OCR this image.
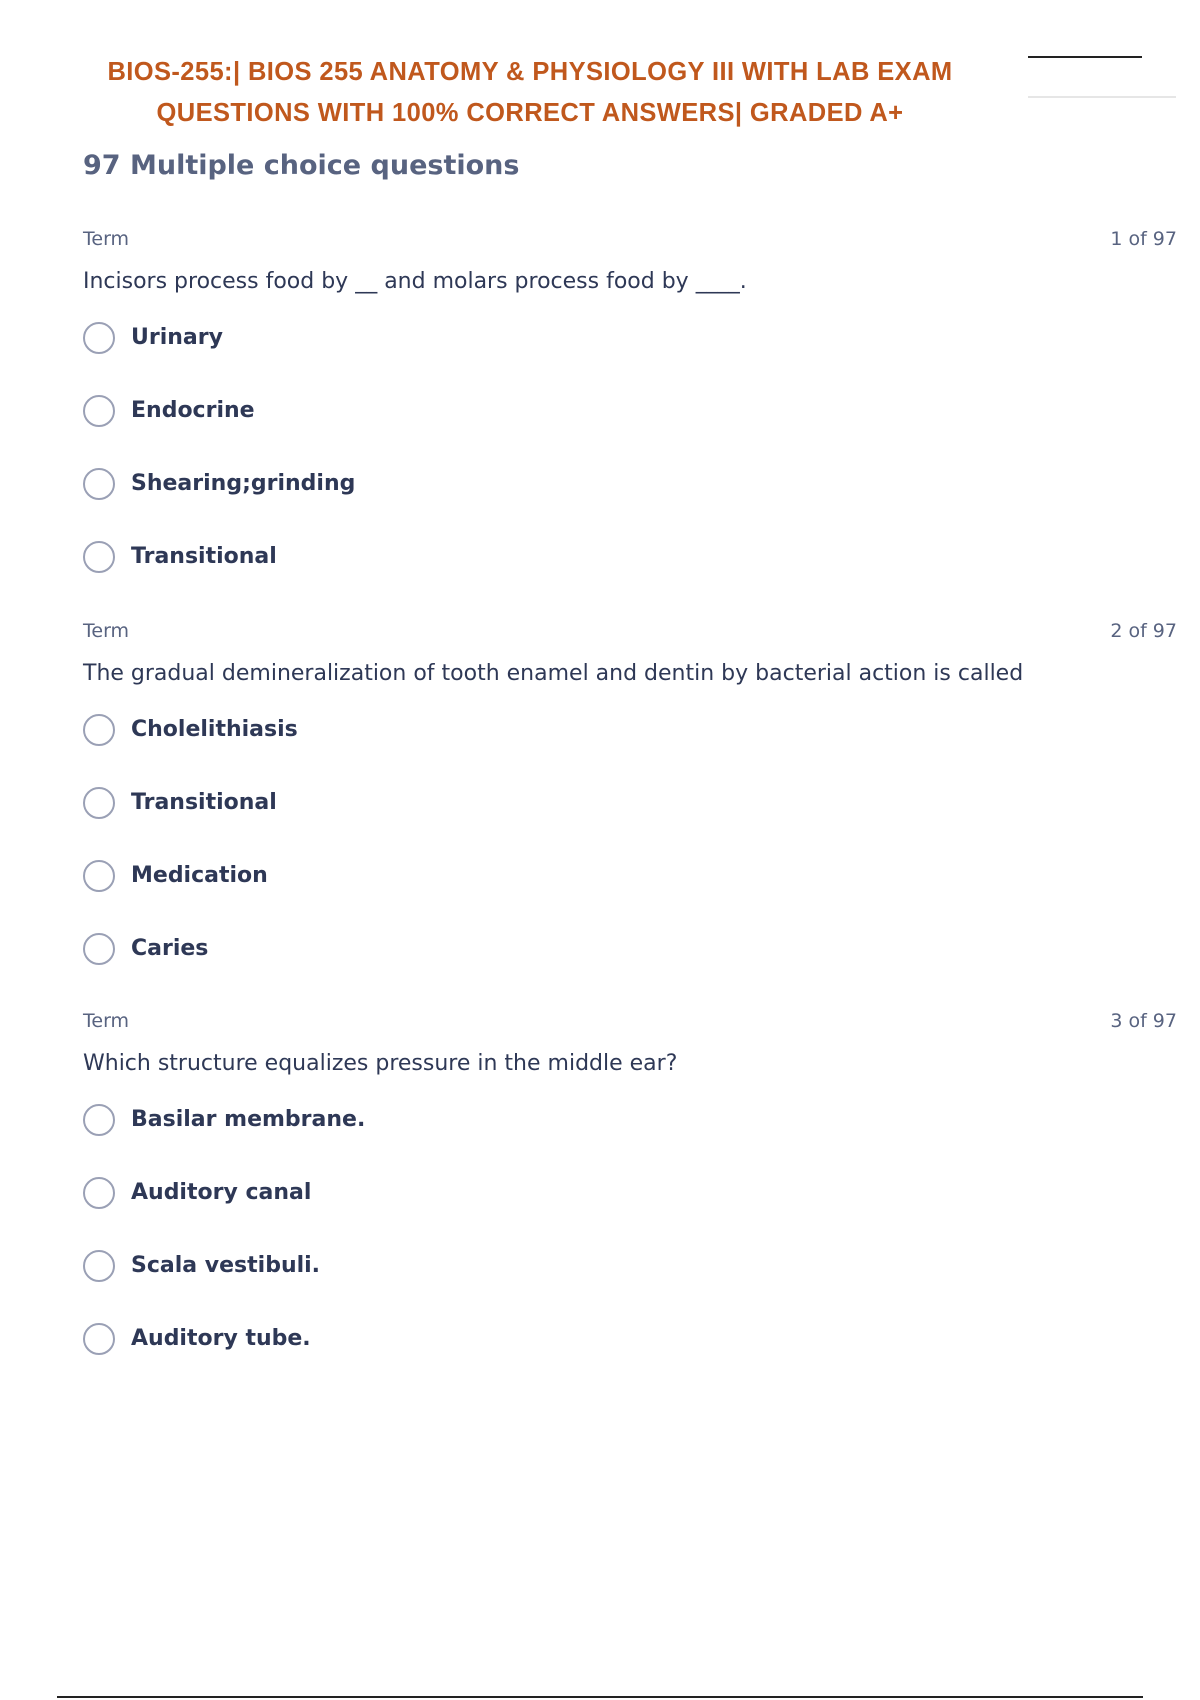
BIOS-255:| BIOS 255 ANATOMY & PHYSIOLOGY III WITH LAB EXAM
QUESTIONS WITH 100% CORRECT ANSWERS| GRADED A+
97 Multiple choice questions
Term	1 of 97
Incisors process food by __ and molars process food by ____.
Urinary
Endocrine
Shearing;grinding
Transitional
Term	2 of 97
The gradual demineralization of tooth enamel and dentin by bacterial action is called
Cholelithiasis
Transitional
Medication
Caries
Term	3 of 97
Which structure equalizes pressure in the middle ear?
Basilar membrane.
Auditory canal
Scala vestibuli.
Auditory tube.
